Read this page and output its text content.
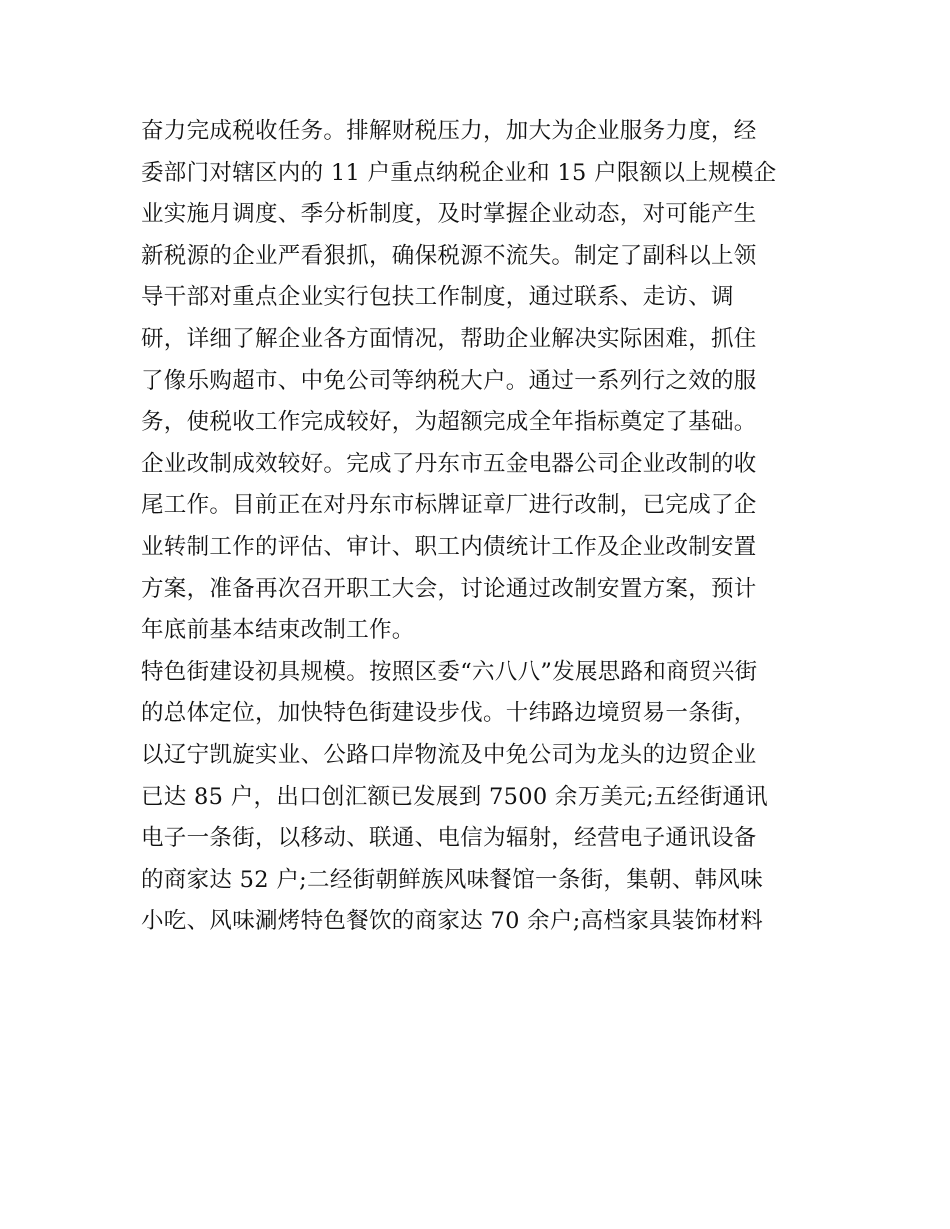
奋力完成税收任务。排解财税压力，加大为企业服务力度，经
委部门对辖区内的 11 户重点纳税企业和 15 户限额以上规模企
业实施月调度、季分析制度，及时掌握企业动态，对可能产生
新税源的企业严看狠抓，确保税源不流失。制定了副科以上领
导干部对重点企业实行包扶工作制度，通过联系、走访、调
研，详细了解企业各方面情况，帮助企业解决实际困难，抓住
了像乐购超市、中免公司等纳税大户。通过一系列行之效的服
务，使税收工作完成较好，为超额完成全年指标奠定了基础。
企业改制成效较好。完成了丹东市五金电器公司企业改制的收
尾工作。目前正在对丹东市标牌证章厂进行改制，已完成了企
业转制工作的评估、审计、职工内债统计工作及企业改制安置
方案，准备再次召开职工大会，讨论通过改制安置方案，预计
年底前基本结束改制工作。
特色街建设初具规模。按照区委“六八八”发展思路和商贸兴街
的总体定位，加快特色街建设步伐。十纬路边境贸易一条街，
以辽宁凯旋实业、公路口岸物流及中免公司为龙头的边贸企业
已达 85 户，出口创汇额已发展到 7500 余万美元;五经街通讯
电子一条街，以移动、联通、电信为辐射，经营电子通讯设备
的商家达 52 户;二经街朝鲜族风味餐馆一条街，集朝、韩风味
小吃、风味涮烤特色餐饮的商家达 70 余户;高档家具装饰材料
